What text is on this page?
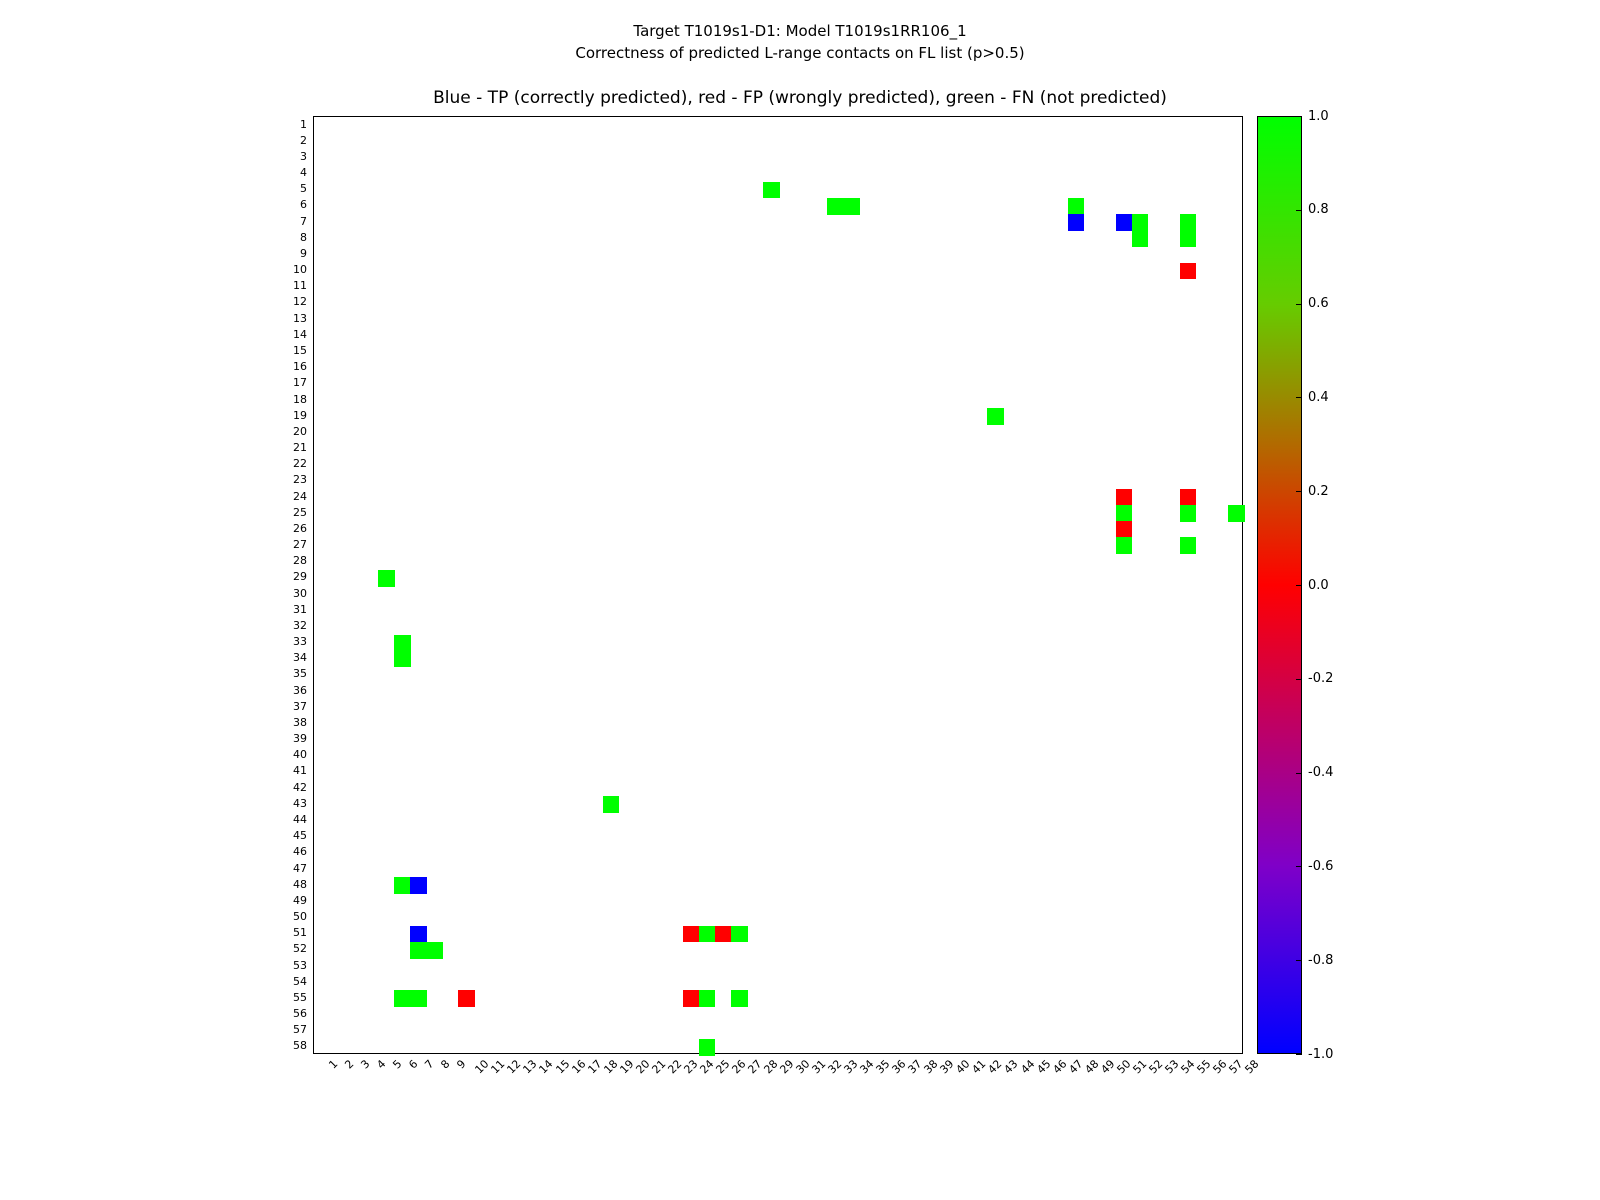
Target T1019s1-D1: Model T1019s1RR106_1
Correctness of predicted L-range contacts on FL list (p>0.5)
Blue - TP (correctly predicted), red - FP (wrongly predicted), green - FN (not predicted)
1
2
3
4
5
6
7
8
9
10
11
12
13
14
15
16
17
18
19
20
21
22
23
24
25
26
27
28
29
30
31
32
33
34
35
36
37
38
39
40
41
42
43
44
45
46
47
48
49
50
51
52
53
54
55
56
57
58
1 2 3 4 5 6 7 8 9 10
11
12
13
14
15
16
17
18
19
20
21
22
23
24
25
26
27
28
29
30
31
32
33
34
35
36
37
38
39
40
41
42
43
44
45
46
47
48
49
50
51
52
53
54
55
56
57
58
1.0
0.8
0.6
0.4
0.2
0.0
-0.2
-0.4
-0.6
-0.8
-1.0
